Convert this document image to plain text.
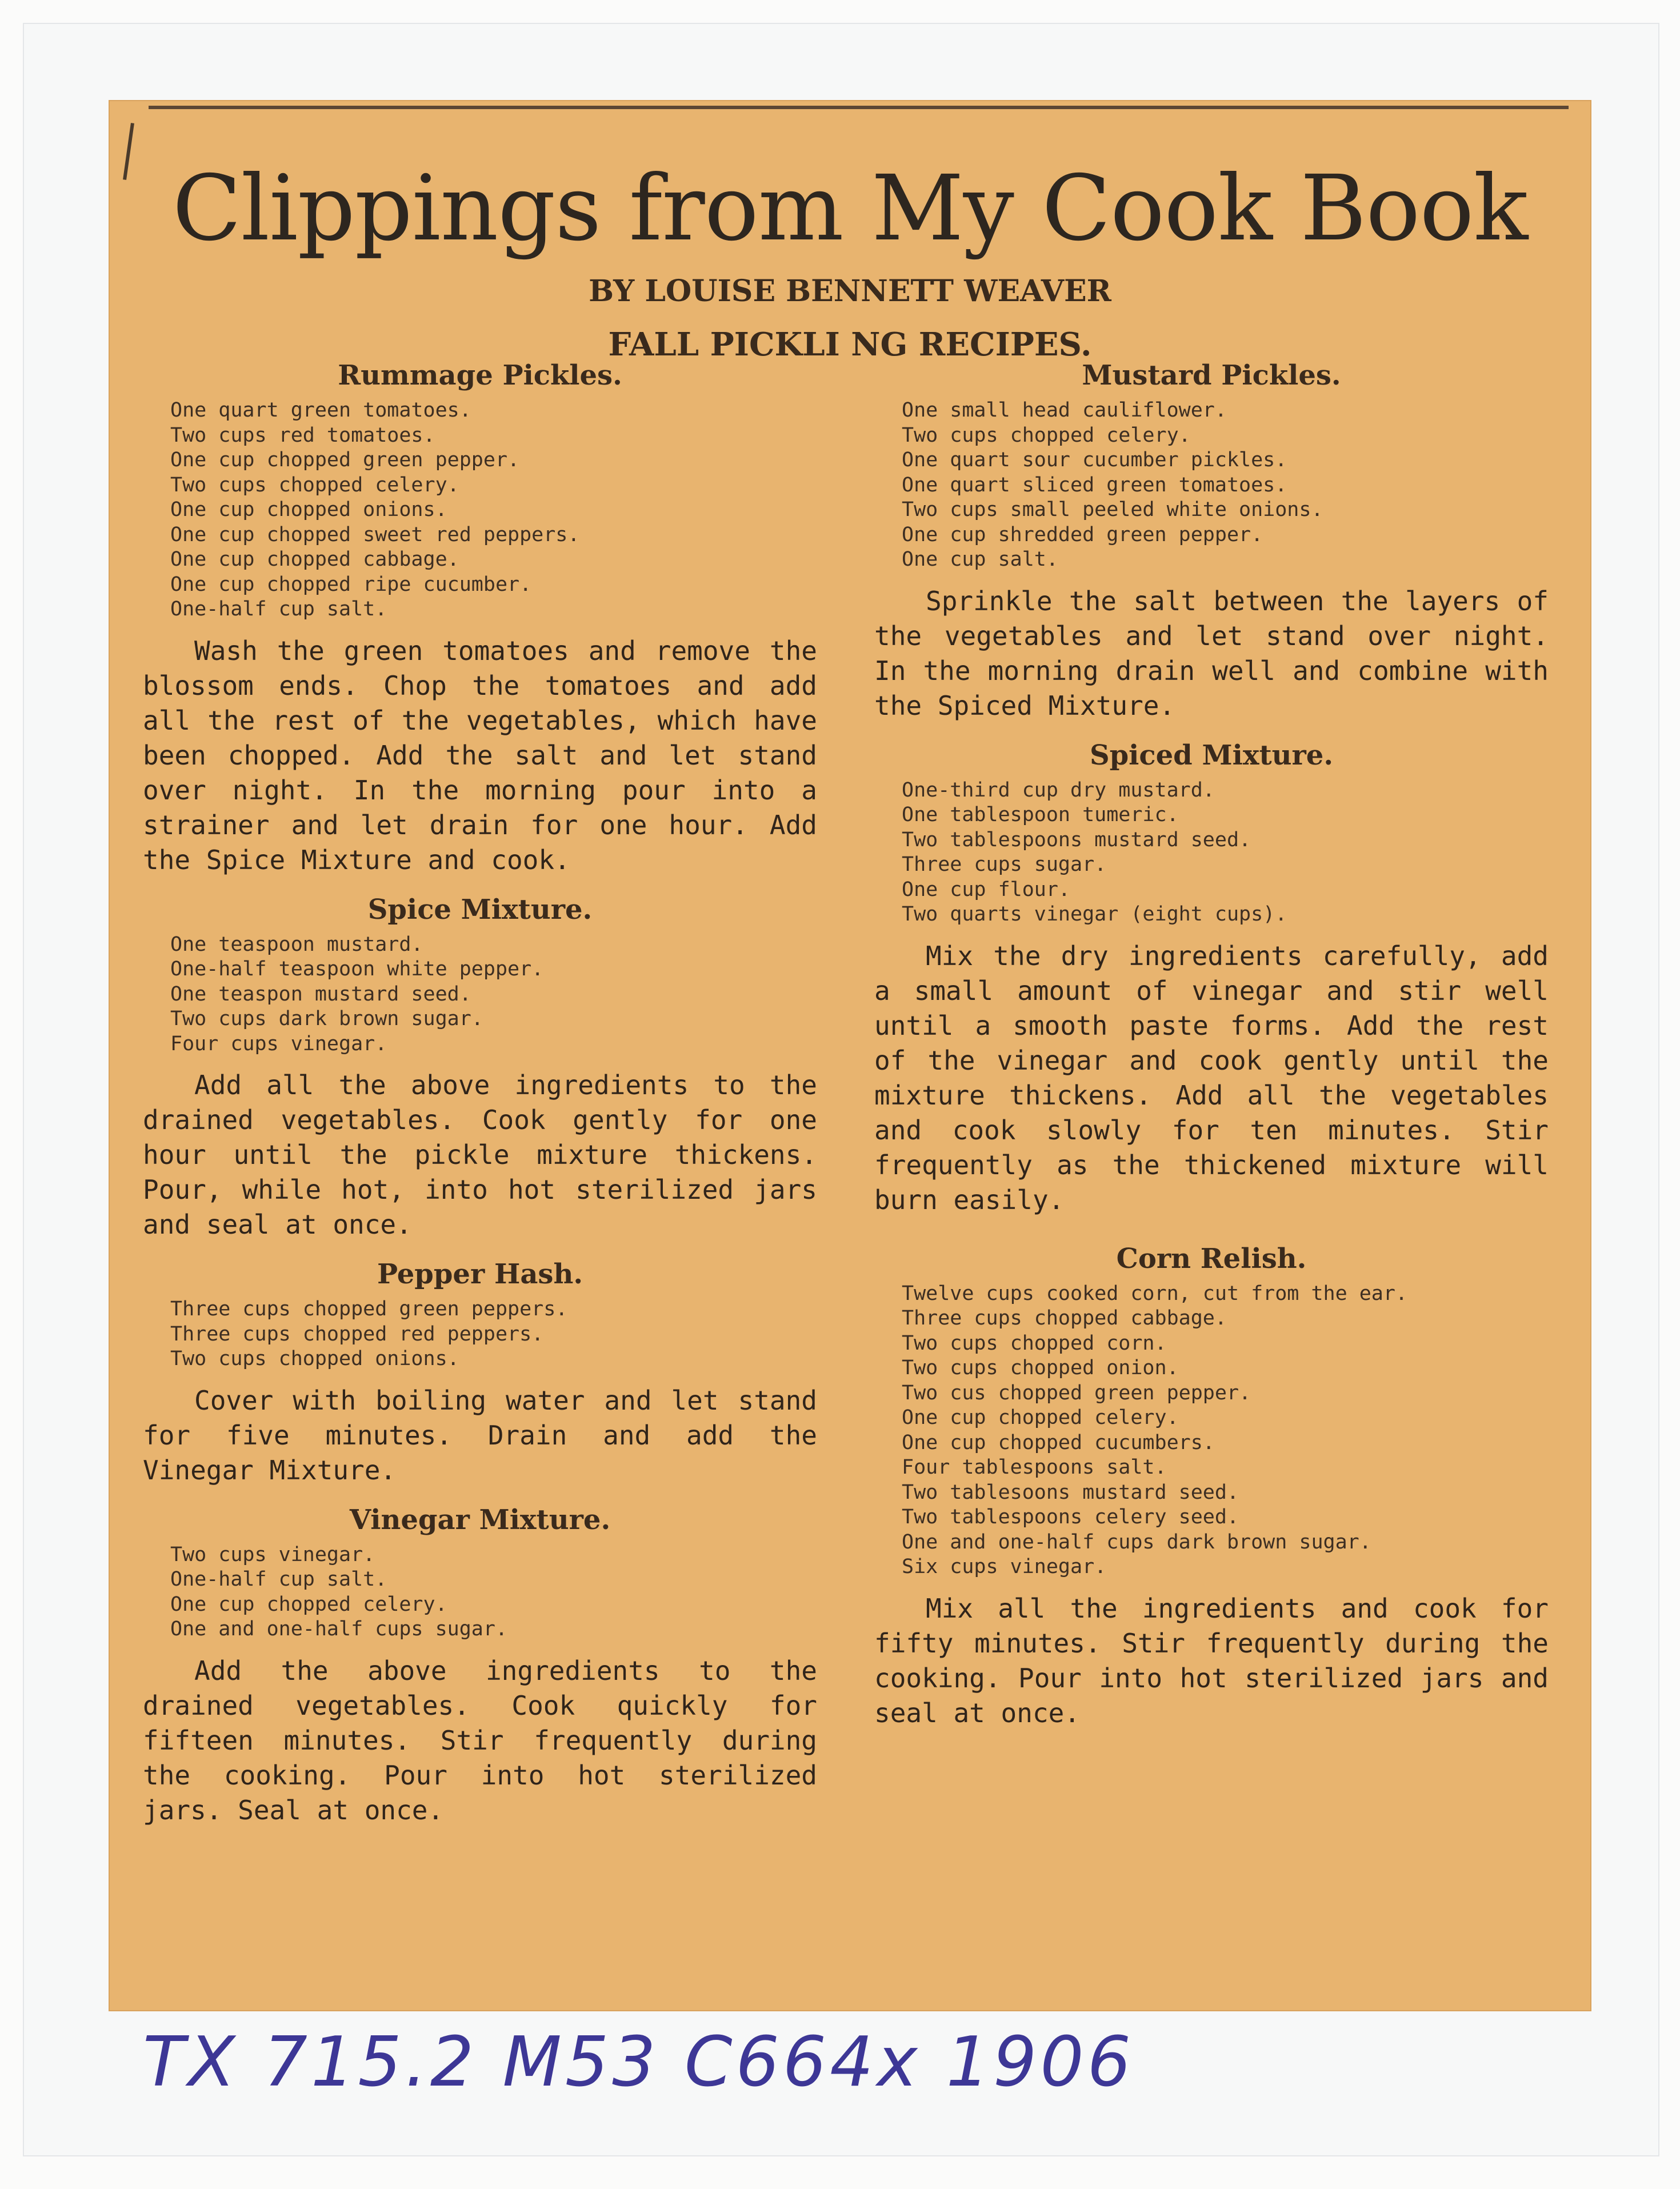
Clippings from My Cook Book
BY LOUISE BENNETT WEAVER
FALL PICKLI NG RECIPES.
Rummage Pickles.
One quart green tomatoes.
Two cups red tomatoes.
One cup chopped green pepper.
Two cups chopped celery.
One cup chopped onions.
One cup chopped sweet red peppers.
One cup chopped cabbage.
One cup chopped ripe cucumber.
One-half cup salt.

Wash the green tomatoes and remove the blossom ends. Chop the tomatoes and add all the rest of the vegetables, which have been chopped. Add the salt and let stand over night. In the morning pour into a strainer and let drain for one hour. Add the Spice Mixture and cook.

Spice Mixture.
One teaspoon mustard.
One-half teaspoon white pepper.
One teaspon mustard seed.
Two cups dark brown sugar.
Four cups vinegar.

Add all the above ingredients to the drained vegetables. Cook gently for one hour until the pickle mixture thickens. Pour, while hot, into hot sterilized jars and seal at once.

Pepper Hash.
Three cups chopped green peppers.
Three cups chopped red peppers.
Two cups chopped onions.

Cover with boiling water and let stand for five minutes. Drain and add the Vinegar Mixture.

Vinegar Mixture.
Two cups vinegar.
One-half cup salt.
One cup chopped celery.
One and one-half cups sugar.

Add the above ingredients to the drained vegetables. Cook quickly for fifteen minutes. Stir frequently during the cooking. Pour into hot sterilized jars. Seal at once.

Mustard Pickles.
One small head cauliflower.
Two cups chopped celery.
One quart sour cucumber pickles.
One quart sliced green tomatoes.
Two cups small peeled white onions.
One cup shredded green pepper.
One cup salt.

Sprinkle the salt between the layers of the vegetables and let stand over night. In the morning drain well and combine with the Spiced Mixture.

Spiced Mixture.
One-third cup dry mustard.
One tablespoon tumeric.
Two tablespoons mustard seed.
Three cups sugar.
One cup flour.
Two quarts vinegar (eight cups).

Mix the dry ingredients carefully, add a small amount of vinegar and stir well until a smooth paste forms. Add the rest of the vinegar and cook gently until the mixture thickens. Add all the vegetables and cook slowly for ten minutes. Stir frequently as the thickened mixture will burn easily.

Corn Relish.
Twelve cups cooked corn, cut from the ear.
Three cups chopped cabbage.
Two cups chopped corn.
Two cups chopped onion.
Two cus chopped green pepper.
One cup chopped celery.
One cup chopped cucumbers.
Four tablespoons salt.
Two tablesoons mustard seed.
Two tablespoons celery seed.
One and one-half cups dark brown sugar.
Six cups vinegar.

Mix all the ingredients and cook for fifty minutes. Stir frequently during the cooking. Pour into hot sterilized jars and seal at once.

TX 715.2 M53 C664x 1906
